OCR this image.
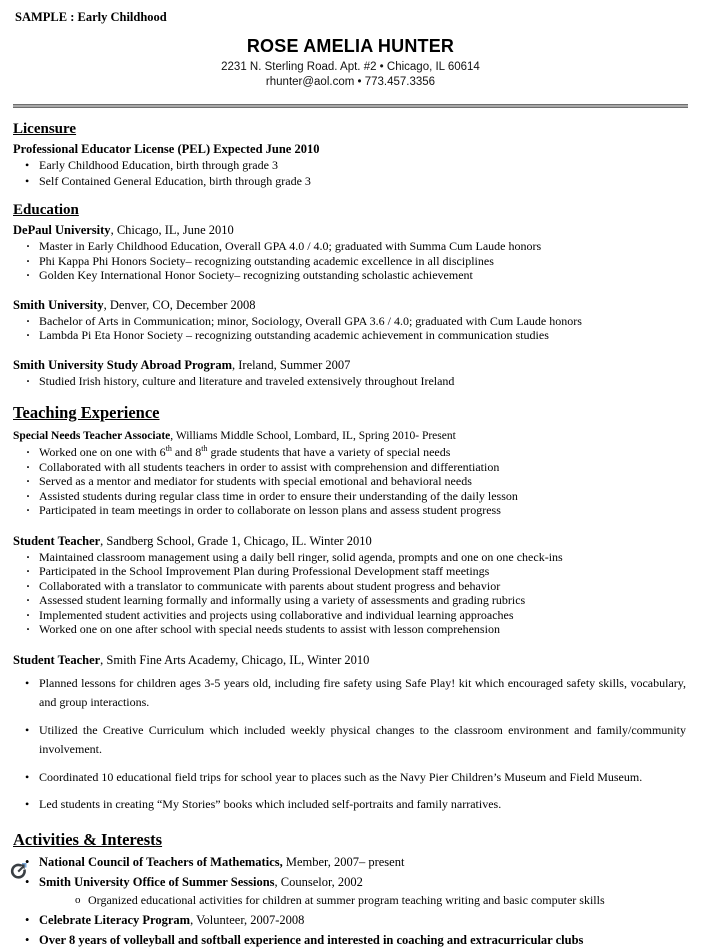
SAMPLE : Early Childhood
ROSE AMELIA HUNTER
2231 N. Sterling Road. Apt. #2 • Chicago, IL 60614
rhunter@aol.com • 773.457.3356
Licensure

Professional Educator License (PEL) Expected June 2010

• Early Childhood Education, birth through grade 3
• Self Contained General Education, birth through grade 3
Education

DePaul University, Chicago, IL, June 2010

· Master in Early Childhood Education, Overall GPA 4.0 / 4.0; graduated with Summa Cum Laude honors
· Phi Kappa Phi Honors Society– recognizing outstanding academic excellence in all disciplines
· Golden Key International Honor Society– recognizing outstanding scholastic achievement

Smith University, Denver, CO, December 2008

· Bachelor of Arts in Communication; minor, Sociology, Overall GPA 3.6 / 4.0; graduated with Cum Laude honors
· Lambda Pi Eta Honor Society – recognizing outstanding academic achievement in communication studies

Smith University Study Abroad Program, Ireland, Summer 2007

· Studied Irish history, culture and literature and traveled extensively throughout Ireland
Teaching Experience

Special Needs Teacher Associate, Williams Middle School, Lombard, IL, Spring 2010- Present

· Worked one on one with 6th and 8th grade students that have a variety of special needs
· Collaborated with all students teachers in order to assist with comprehension and differentiation
· Served as a mentor and mediator for students with special emotional and behavioral needs
· Assisted students during regular class time in order to ensure their understanding of the daily lesson
· Participated in team meetings in order to collaborate on lesson plans and assess student progress

Student Teacher, Sandberg School, Grade 1, Chicago, IL. Winter 2010

· Maintained classroom management using a daily bell ringer, solid agenda, prompts and one on one check-ins
· Participated in the School Improvement Plan during Professional Development staff meetings
· Collaborated with a translator to communicate with parents about student progress and behavior
· Assessed student learning formally and informally using a variety of assessments and grading rubrics
· Implemented student activities and projects using collaborative and individual learning approaches
· Worked one on one after school with special needs students to assist with lesson comprehension

Student Teacher, Smith Fine Arts Academy, Chicago, IL, Winter 2010

• Planned lessons for children ages 3-5 years old, including fire safety using Safe Play! kit which encouraged safety skills, vocabulary, and group interactions.
• Utilized the Creative Curriculum which included weekly physical changes to the classroom environment and family/community involvement.
• Coordinated 10 educational field trips for school year to places such as the Navy Pier Children’s Museum and Field Museum.
• Led students in creating “My Stories” books which included self-portraits and family narratives.
Activities & Interests
• National Council of Teachers of Mathematics, Member, 2007– present
• Smith University Office of Summer Sessions, Counselor, 2002
o Organized educational activities for children at summer program teaching writing and basic computer skills
• Celebrate Literacy Program, Volunteer, 2007-2008
• Over 8 years of volleyball and softball experience and interested in coaching and extracurricular clubs
